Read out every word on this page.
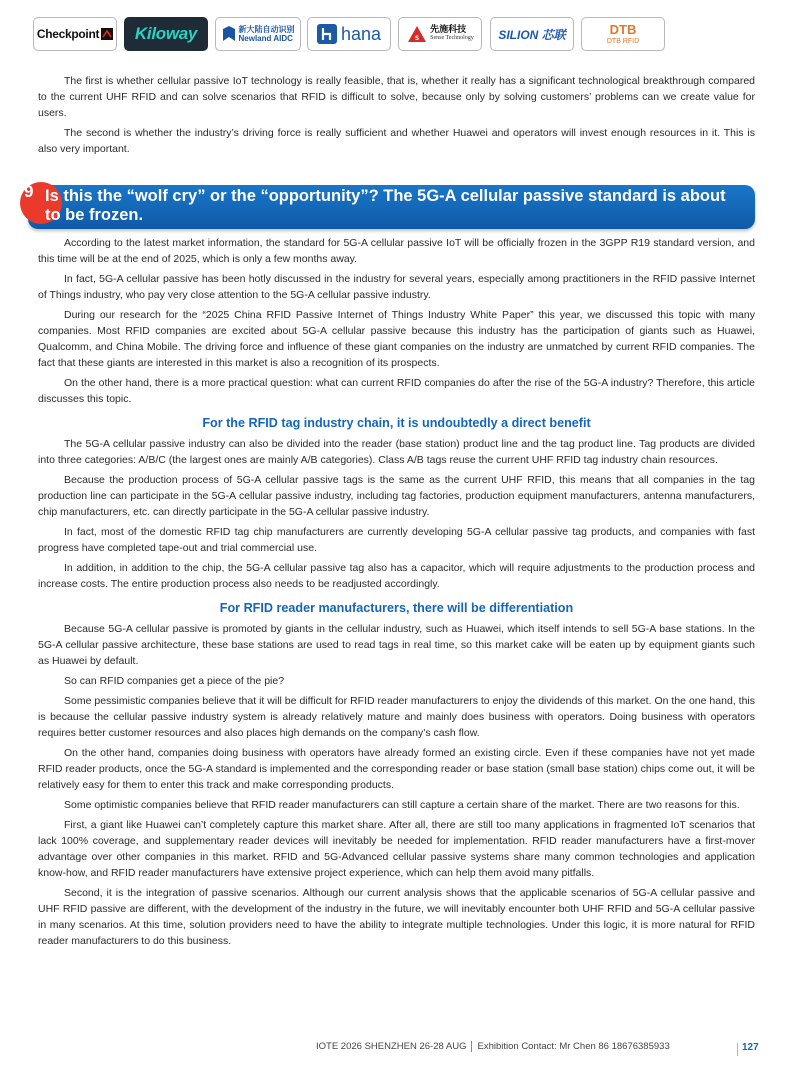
Checkpoint Kiloway	新大陆自动识别
Newland AIDC	hana	S
先施科技
Sense Technology SILION 芯联	DTB
DTB RFID

The first is whether cellular passive IoT technology is really feasible, that is, whether it really has a significant technological breakthrough compared to the current UHF RFID and can solve scenarios that RFID is difficult to solve, because only by solving customers’ problems can we create value for users.

The second is whether the industry’s driving force is really sufficient and whether Huawei and operators will invest enough resources in it. This is also very important.

9 Is this the “wolf cry” or the “opportunity”? The 5G-A cellular passive standard is about to be frozen.

According to the latest market information, the standard for 5G-A cellular passive IoT will be officially frozen in the 3GPP R19 standard version, and this time will be at the end of 2025, which is only a few months away.

In fact, 5G-A cellular passive has been hotly discussed in the industry for several years, especially among practitioners in the RFID passive Internet of Things industry, who pay very close attention to the 5G-A cellular passive industry.

During our research for the “2025 China RFID Passive Internet of Things Industry White Paper” this year, we discussed this topic with many companies. Most RFID companies are excited about 5G-A cellular passive because this industry has the participation of giants such as Huawei, Qualcomm, and China Mobile. The driving force and influence of these giant companies on the industry are unmatched by current RFID companies. The fact that these giants are interested in this market is also a recognition of its prospects.

On the other hand, there is a more practical question: what can current RFID companies do after the rise of the 5G-A industry? Therefore, this article discusses this topic.

For the RFID tag industry chain, it is undoubtedly a direct benefit

The 5G-A cellular passive industry can also be divided into the reader (base station) product line and the tag product line. Tag products are divided into three categories: A/B/C (the largest ones are mainly A/B categories). Class A/B tags reuse the current UHF RFID tag industry chain resources.

Because the production process of 5G-A cellular passive tags is the same as the current UHF RFID, this means that all companies in the tag production line can participate in the 5G-A cellular passive industry, including tag factories, production equipment manufacturers, antenna manufacturers, chip manufacturers, etc. can directly participate in the 5G-A cellular passive industry.

In fact, most of the domestic RFID tag chip manufacturers are currently developing 5G-A cellular passive tag products, and companies with fast progress have completed tape-out and trial commercial use.

In addition, in addition to the chip, the 5G-A cellular passive tag also has a capacitor, which will require adjustments to the production process and increase costs. The entire production process also needs to be readjusted accordingly.

For RFID reader manufacturers, there will be differentiation

Because 5G-A cellular passive is promoted by giants in the cellular industry, such as Huawei, which itself intends to sell 5G-A base stations. In the 5G-A cellular passive architecture, these base stations are used to read tags in real time, so this market cake will be eaten up by equipment giants such as Huawei by default.

So can RFID companies get a piece of the pie?

Some pessimistic companies believe that it will be difficult for RFID reader manufacturers to enjoy the dividends of this market. On the one hand, this is because the cellular passive industry system is already relatively mature and mainly does business with operators. Doing business with operators requires better customer resources and also places high demands on the company’s cash flow.

On the other hand, companies doing business with operators have already formed an existing circle. Even if these companies have not yet made RFID reader products, once the 5G-A standard is implemented and the corresponding reader or base station (small base station) chips come out, it will be relatively easy for them to enter this track and make corresponding products.

Some optimistic companies believe that RFID reader manufacturers can still capture a certain share of the market. There are two reasons for this.

First, a giant like Huawei can’t completely capture this market share. After all, there are still too many applications in fragmented IoT scenarios that lack 100% coverage, and supplementary reader devices will inevitably be needed for implementation. RFID reader manufacturers have a first-mover advantage over other companies in this market. RFID and 5G-Advanced cellular passive systems share many common technologies and application know-how, and RFID reader manufacturers have extensive project experience, which can help them avoid many pitfalls.

Second, it is the integration of passive scenarios. Although our current analysis shows that the applicable scenarios of 5G-A cellular passive and UHF RFID passive are different, with the development of the industry in the future, we will inevitably encounter both UHF RFID and 5G-A cellular passive in many scenarios. At this time, solution providers need to have the ability to integrate multiple technologies. Under this logic, it is more natural for RFID reader manufacturers to do this business.

IOTE 2026 SHENZHEN 26-28 AUG Exhibition Contact: Mr Chen 86 18676385933	127
